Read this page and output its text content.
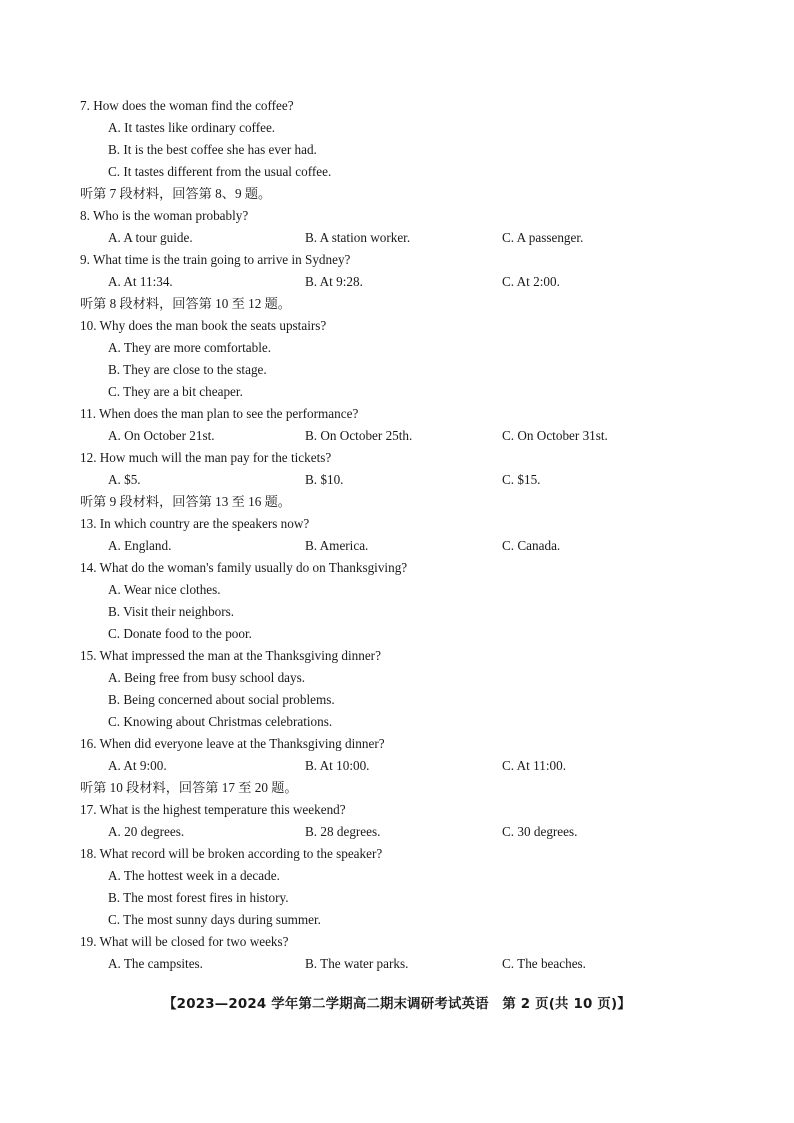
7. How does the woman find the coffee?
A. It tastes like ordinary coffee.
B. It is the best coffee she has ever had.
C. It tastes different from the usual coffee.
听第 7 段材料，回答第 8、9 题。
8. Who is the woman probably?
A. A tour guide.	B. A station worker.	C. A passenger.
9. What time is the train going to arrive in Sydney?
A. At 11:34.	B. At 9:28.	C. At 2:00.
听第 8 段材料，回答第 10 至 12 题。
10. Why does the man book the seats upstairs?
A. They are more comfortable.
B. They are close to the stage.
C. They are a bit cheaper.
11. When does the man plan to see the performance?
A. On October 21st.	B. On October 25th.	C. On October 31st.
12. How much will the man pay for the tickets?
A. $5.	B. $10.	C. $15.
听第 9 段材料，回答第 13 至 16 题。
13. In which country are the speakers now?
A. England.	B. America.	C. Canada.
14. What do the woman's family usually do on Thanksgiving?
A. Wear nice clothes.
B. Visit their neighbors.
C. Donate food to the poor.
15. What impressed the man at the Thanksgiving dinner?
A. Being free from busy school days.
B. Being concerned about social problems.
C. Knowing about Christmas celebrations.
16. When did everyone leave at the Thanksgiving dinner?
A. At 9:00.	B. At 10:00.	C. At 11:00.
听第 10 段材料，回答第 17 至 20 题。
17. What is the highest temperature this weekend?
A. 20 degrees.	B. 28 degrees.	C. 30 degrees.
18. What record will be broken according to the speaker?
A. The hottest week in a decade.
B. The most forest fires in history.
C. The most sunny days during summer.
19. What will be closed for two weeks?
A. The campsites.	B. The water parks.	C. The beaches.
【2023—2024 学年第二学期高二期末调研考试英语　第 2 页(共 10 页)】
